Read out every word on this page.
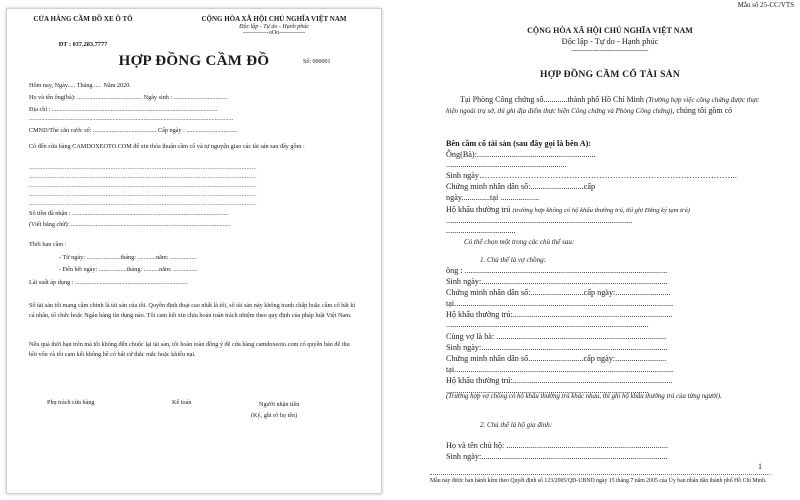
CỬA HÀNG CẦM ĐỒ XE Ô TÔ
ĐT : 037.283.7777
CỘNG HÒA XÃ HỘI CHỦ NGHĨA VIỆT NAM
Độc lập - Tự do - Hạnh phúc
-------------oOo-------------
HỢP ĐỒNG CẦM ĐỒ	Số: 000001
Hôm nay, Ngày..... Tháng ..... Năm 2020.
Họ và tên ông(bà): .......................................... Ngày sinh : ...................................
Địa chỉ : ...........................................................................................................
....................................................................................................................................
CMND/Thẻ căn cước số: ......................................... Cấp ngày : .................................
Có đến cửa hàng CAMDOXEOTO.COM để xin thỏa thuận cầm cố và tự nguyện giao các tài sản sau đây gồm :
......................................................................................................................................
......................................................................................................................................
......................................................................................................................................
......................................................................................................................................
......................................................................................................................................
Số tiền đã nhận : .....................................................................................................
(Viết bằng chữ): .......................................................................................................
Thời hạn cầm :
- Từ ngày: ......................tháng: ............năm: .................
- Đến hết ngày: ..................tháng: ..........năm: ................
Lãi suất áp dụng : .........................................................................
Số tài sản tôi mang cầm chính là tài sản của tôi. Quyền định đoạt cao nhất là tôi, số tài sản này không tranh chấp hoặc cầm cố bất kì cá nhân, tổ chức hoặc Ngân hàng tín dụng nào. Tôi cam kết xin chịu hoàn toàn trách nhiệm theo quy định của pháp luật Việt Nam.
Nếu quá thời hạn trên mà tôi không đến chuộc lại tài sản, tôi hoàn toàn đồng ý để cửa hàng camdoxeoto.com có quyền bán để thu hồi vốn và tôi cam kết không hề có bất cứ thắc mắc hoặc khiếu nại.
Phụ trách cửa hàng	Kế toán	Người nhận tiền
(Ký, ghi rõ họ tên)
Mẫu số 25-CC/VTS
CỘNG HÒA XÃ HỘI CHỦ NGHĨA VIỆT NAM
Độc lập - Tự do - Hạnh phúc
---------------------------------
HỢP ĐỒNG CẦM CỐ TÀI SẢN
Tại Phòng Công chứng số............thành phố Hồ Chí Minh (Trường hợp việc công chứng được thực hiện ngoài trụ sở, thì ghi địa điểm thực hiện Công chứng và Phòng Công chứng), chúng tôi gồm có
Bên cầm cố tài sản (sau đây gọi là bên A):
Ông(Bà):..........................................................
...........................................................
Sinh ngày…………………………………………………………………………………..
Chứng minh nhân dân số:..........................cấp
ngày..............tại ...................
Hộ khẩu thường trú (trường hợp không có hộ khẩu thường trú, thì ghi Đăng ký tạm trú)
...........................................................................................
..................................
Có thể chọn một trong các chủ thể sau:
1. Chủ thể là vợ chồng:
ông : ...................................................................................................
Sinh ngày:...........................................................................................
Chứng minh nhân dân số:..........................cấp ngày:...........................
tại...........................................................................................................
Hộ khẩu thường trú:..............................................................................
...................................................................................................
Cùng vợ là bà: ...................................................................................
Sinh ngày:...........................................................................................
Chứng minh nhân dân số...........................cấp ngày:.........................
tại...........................................................................................................
Hộ khẩu thường trú:..............................................................................
...................................................................................................
(Trường hợp vợ chồng có hộ khẩu thường trú khác nhau, thì ghi hộ khẩu thường trú của từng người).
2. Chủ thể là hộ gia đình:
Họ và tên chủ hộ: ...............................................................................
Sinh ngày:...........................................................................................
1
Mẫu này được ban hành kèm theo Quyết định số 123/2005/QĐ-UBND ngày 15 tháng 7 năm 2005 của Ủy ban nhân dân thành phố Hồ Chí Minh.
